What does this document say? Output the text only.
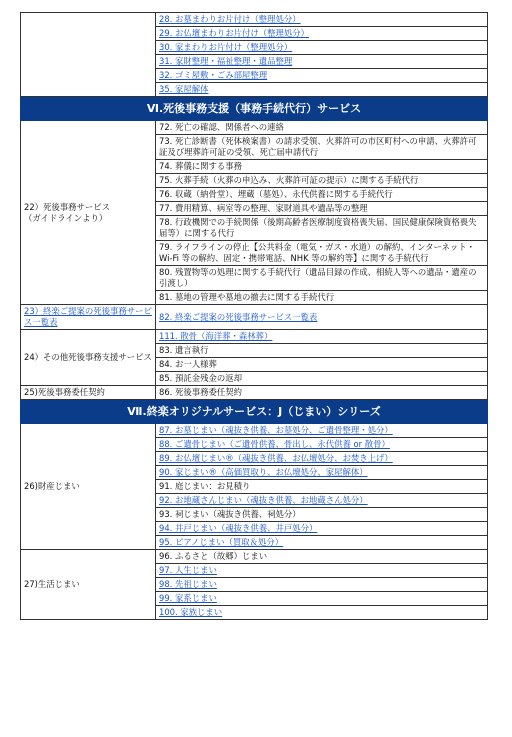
	28. お墓まわりお片付け（整理処分）
	29. お仏壇まわりお片付け（整理処分）
	30. 家まわりお片付け（整理処分）
	31. 家財整理・福祉整理・遺品整理
	32. ゴミ屋敷・ごみ部屋整理
	35. 家屋解体
Ⅵ.死後事務支援（事務手続代行）サービス	
22）死後事務サービス
（ガイドラインより）	72. 死亡の確認、関係者への連絡
	73. 死亡診断書（死体検案書）の請求受領、火葬許可の市区町村への申請、火葬許可証及び埋葬許可証の受領、死亡届申請代行
	74. 葬儀に関する事務
	75. 火葬手続（火葬の申込み、火葬許可証の提示）に関する手続代行
	76. 収蔵（納骨堂）、埋蔵（墓処）、永代供養に関する手続代行
	77. 費用精算、病室等の整理、家財道具や遺品等の整理
	78. 行政機関での手続関係（後期高齢者医療制度資格喪失届、国民健康保険資格喪失届等）に関する代行
	79. ライフラインの停止【公共料金（電気・ガス・水道）の解約、インターネット・Wi-Fi 等の解約、固定・携帯電話、NHK 等の解約等】に関する手続代行
	80. 残置物等の処理に関する手続代行（遺品目録の作成、相続人等への遺品・遺産の引渡し）
	81. 墓地の管理や墓地の撤去に関する手続代行
23）終楽ご提案の死後事務サービス一覧表	82. 終楽ご提案の死後事務サービス一覧表
24）その他死後事務支援サービス	111. 散骨（海洋葬・森林葬）
	83. 遺言執行
	84. お一人様葬
	85. 預託金残金の返却
25)死後事務委任契約	86. 死後事務委任契約
Ⅶ.終楽オリジナルサービス：J（じまい）シリーズ	
26)財産じまい	87. お墓じまい（魂抜き供養、お墓処分、ご遺骨整理・処分）
	88. ご遺骨じまい（ご遺骨供養、骨出し、永代供養 or 散骨）
	89. お仏壇じまい®（魂抜き供養、お仏壇処分、お焚き上げ）
	90. 家じまい®（高価買取り、お仏壇処分、家屋解体）
	91. 庭じまい：お見積り
	92. お地蔵さんじまい（魂抜き供養、お地蔵さん処分）
	93. 祠じまい（魂抜き供養、祠処分）
	94. 井戸じまい（魂抜き供養、井戸処分）
	95. ピアノじまい（買取＆処分）
27)生活じまい	96. ふるさと（故郷）じまい
	97. 人生じまい
	98. 先祖じまい
	99. 家系じまい
	100. 家族じまい
